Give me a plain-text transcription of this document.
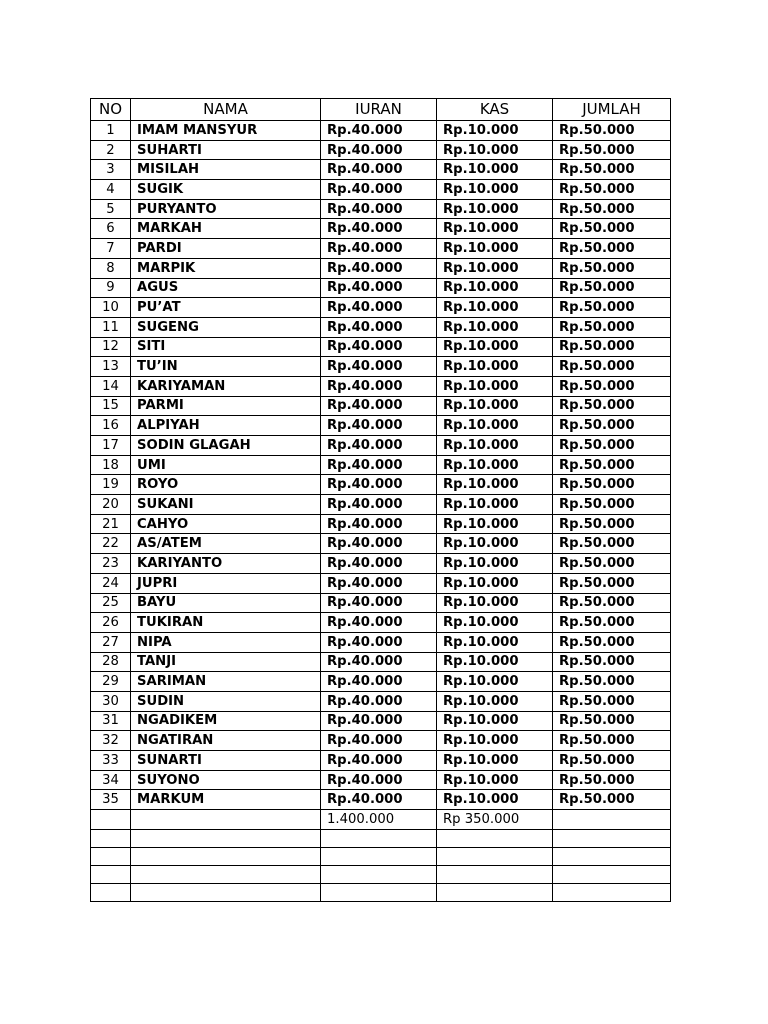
NO	NAMA	IURAN	KAS	JUMLAH
1	IMAM MANSYUR	Rp.40.000	Rp.10.000	Rp.50.000
2	SUHARTI	Rp.40.000	Rp.10.000	Rp.50.000
3	MISILAH	Rp.40.000	Rp.10.000	Rp.50.000
4	SUGIK	Rp.40.000	Rp.10.000	Rp.50.000
5	PURYANTO	Rp.40.000	Rp.10.000	Rp.50.000
6	MARKAH	Rp.40.000	Rp.10.000	Rp.50.000
7	PARDI	Rp.40.000	Rp.10.000	Rp.50.000
8	MARPIK	Rp.40.000	Rp.10.000	Rp.50.000
9	AGUS	Rp.40.000	Rp.10.000	Rp.50.000
10	PU’AT	Rp.40.000	Rp.10.000	Rp.50.000
11	SUGENG	Rp.40.000	Rp.10.000	Rp.50.000
12	SITI	Rp.40.000	Rp.10.000	Rp.50.000
13	TU’IN	Rp.40.000	Rp.10.000	Rp.50.000
14	KARIYAMAN	Rp.40.000	Rp.10.000	Rp.50.000
15	PARMI	Rp.40.000	Rp.10.000	Rp.50.000
16	ALPIYAH	Rp.40.000	Rp.10.000	Rp.50.000
17	SODIN GLAGAH	Rp.40.000	Rp.10.000	Rp.50.000
18	UMI	Rp.40.000	Rp.10.000	Rp.50.000
19	ROYO	Rp.40.000	Rp.10.000	Rp.50.000
20	SUKANI	Rp.40.000	Rp.10.000	Rp.50.000
21	CAHYO	Rp.40.000	Rp.10.000	Rp.50.000
22	AS/ATEM	Rp.40.000	Rp.10.000	Rp.50.000
23	KARIYANTO	Rp.40.000	Rp.10.000	Rp.50.000
24	JUPRI	Rp.40.000	Rp.10.000	Rp.50.000
25	BAYU	Rp.40.000	Rp.10.000	Rp.50.000
26	TUKIRAN	Rp.40.000	Rp.10.000	Rp.50.000
27	NIPA	Rp.40.000	Rp.10.000	Rp.50.000
28	TANJI	Rp.40.000	Rp.10.000	Rp.50.000
29	SARIMAN	Rp.40.000	Rp.10.000	Rp.50.000
30	SUDIN	Rp.40.000	Rp.10.000	Rp.50.000
31	NGADIKEM	Rp.40.000	Rp.10.000	Rp.50.000
32	NGATIRAN	Rp.40.000	Rp.10.000	Rp.50.000
33	SUNARTI	Rp.40.000	Rp.10.000	Rp.50.000
34	SUYONO	Rp.40.000	Rp.10.000	Rp.50.000
35	MARKUM	Rp.40.000	Rp.10.000	Rp.50.000
		1.400.000	Rp 350.000	
